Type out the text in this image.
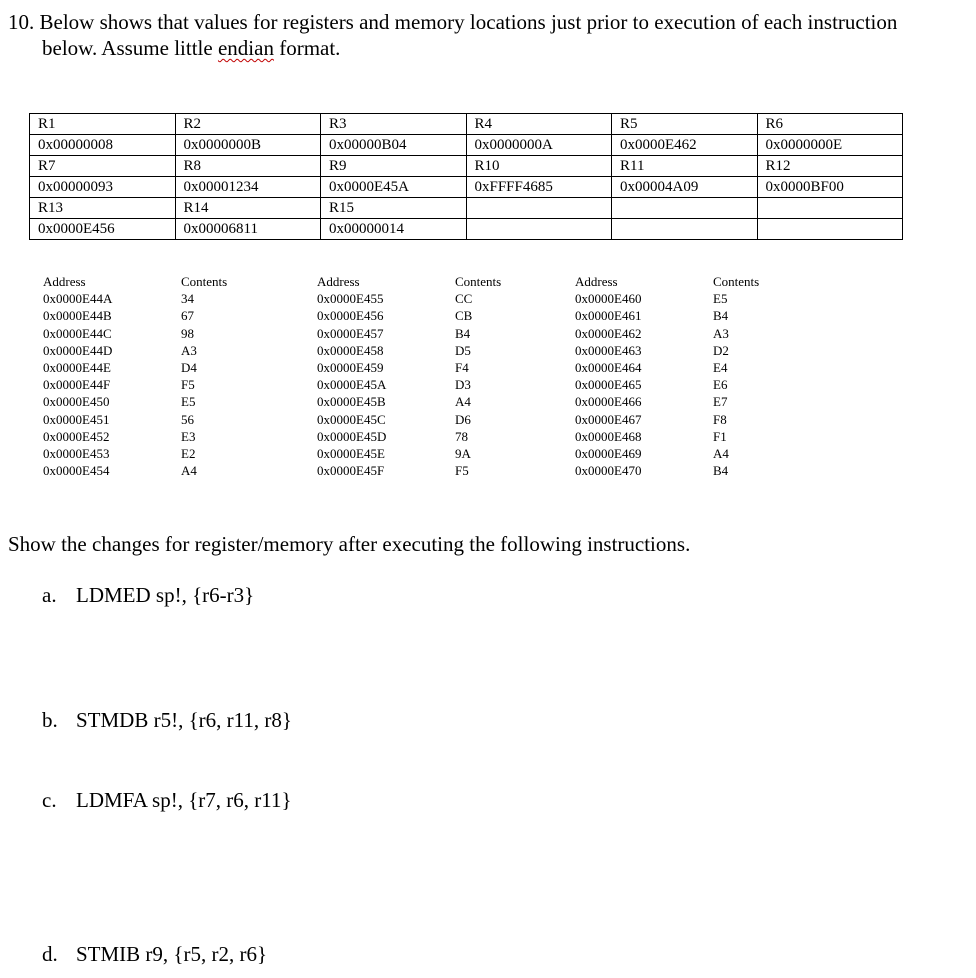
10. Below shows that values for registers and memory locations just prior to execution of each instruction
below. Assume little endian format.
R1	R2	R3	R4	R5	R6
0x00000008	0x0000000B	0x00000B04	0x0000000A	0x0000E462	0x0000000E
R7	R8	R9	R10	R11	R12
0x00000093	0x00001234	0x0000E45A	0xFFFF4685	0x00004A09	0x0000BF00
R13	R14	R15			
0x0000E456	0x00006811	0x00000014			
Address	Contents
0x0000E44A	34
0x0000E44B	67
0x0000E44C	98
0x0000E44D	A3
0x0000E44E	D4
0x0000E44F	F5
0x0000E450	E5
0x0000E451	56
0x0000E452	E3
0x0000E453	E2
0x0000E454	A4
Address	Contents
0x0000E455	CC
0x0000E456	CB
0x0000E457	B4
0x0000E458	D5
0x0000E459	F4
0x0000E45A	D3
0x0000E45B	A4
0x0000E45C	D6
0x0000E45D	78
0x0000E45E	9A
0x0000E45F	F5
Address	Contents
0x0000E460	E5
0x0000E461	B4
0x0000E462	A3
0x0000E463	D2
0x0000E464	E4
0x0000E465	E6
0x0000E466	E7
0x0000E467	F8
0x0000E468	F1
0x0000E469	A4
0x0000E470	B4
Show the changes for register/memory after executing the following instructions.
a. LDMED sp!, {r6-r3}
b. STMDB r5!, {r6, r11, r8}
c. LDMFA sp!, {r7, r6, r11}
d. STMIB r9, {r5, r2, r6}
